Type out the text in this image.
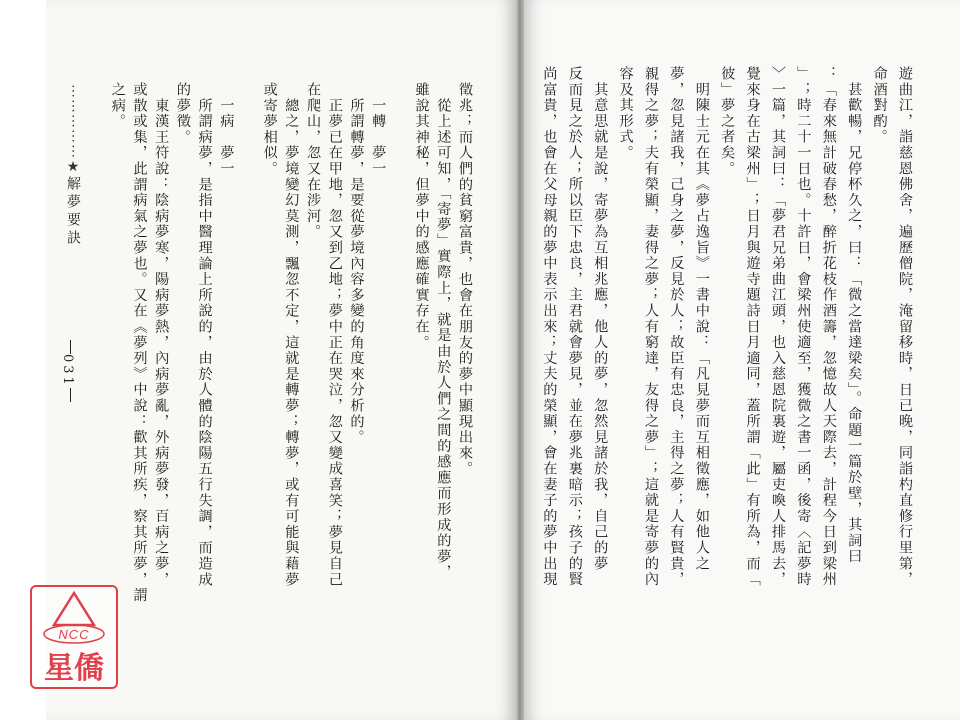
⋯⋯⋯⋯⋯★解夢要訣
031	徵兆；而人們的貧窮富貴，也會在朋友的夢中顯現出來。
　從上述可知，「寄夢」實際上，就是由於人們之間的感應而形成的夢，
雖說其神秘，但夢中的感應確實存在。
　一轉　夢一
　所謂轉夢，是要從夢境內容多變的角度來分析的。
　正夢已在甲地，忽又到乙地；夢中正在哭泣，忽又變成喜笑；夢見自己
在爬山，忽又在涉河。
　總之，夢境變幻莫測，飄忽不定，這就是轉夢；轉夢，或有可能與藉夢
或寄夢相似。
　一病　夢一
　所謂病夢，是指中醫理論上所說的，由於人體的陰陽五行失調，而造成
的夢徵。
　東漢王符說：陰病夢寒，陽病夢熱，內病夢亂，外病夢發，百病之夢，
或散或集，此謂病氣之夢也。又在《夢列》中說：歡其所疾，察其所夢，謂
之病。	遊曲江，詣慈恩佛舍，遍歷僧院，淹留移時，日已晚，同詣杓直修行里第，
命酒對酌。
　甚歡暢，兄停杯久之，曰：「微之當達梁矣」。命題一篇於壁，其詞曰
：「春來無計破春愁，醉折花枝作酒籌，忽憶故人天際去，計程今日到梁州
」；時二十一日也。十許日，會梁州使適至，獲微之書一函，後寄〈記夢時
〉一篇，其詞曰：「夢君兄弟曲江頭，也入慈恩院裏遊，屬吏喚人排馬去，
覺來身在古梁州」；日月與遊寺題詩日月適同，蓋所謂「此」有所為，而「
彼」夢之者矣。
　明陳士元在其《夢占逸旨》一書中說：「凡見夢而互相徵應，如他人之
夢，忽見諸我，己身之夢，反見於人；故臣有忠良，主得之夢；人有賢貴，
親得之夢；夫有榮顯，妻得之夢；人有窮達，友得之夢」；這就是寄夢的內
容及其形式。
　其意思就是說，寄夢為互相兆應，他人的夢，忽然見諸於我，自己的夢
反而見之於人；所以臣下忠良，主君就會夢見，並在夢兆裏暗示；孩子的賢
尚富貴，也會在父母親的夢中表示出來；丈夫的榮顯，會在妻子的夢中出現
NCC
星僑
